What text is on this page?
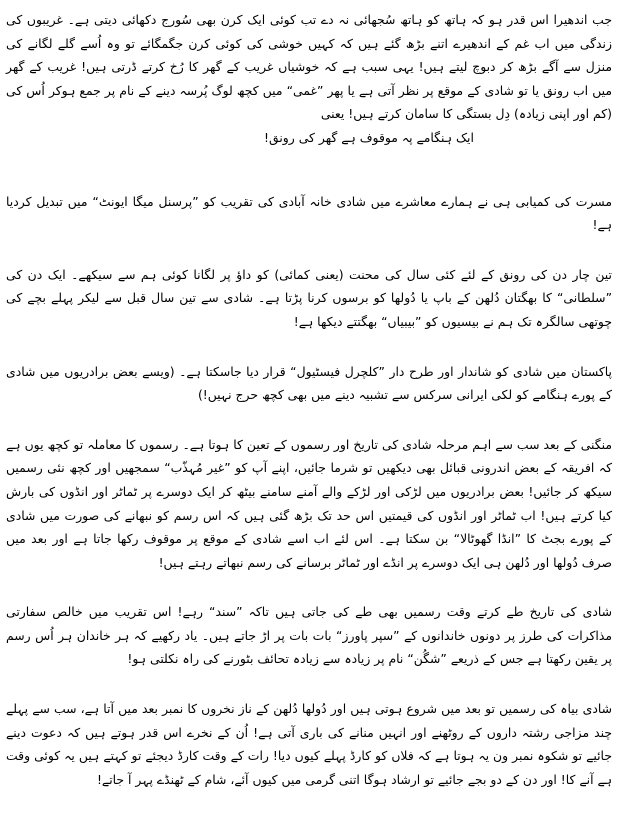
جب اندھیرا اس قدر ہو کہ ہاتھ کو ہاتھ سُجھائی نہ دے تب کوئی ایک کرن بھی سُورج دکھائی دیتی ہے۔ غریبوں کی زندگی میں اب غم کے اندھیرے اتنے بڑھ گئے ہیں کہ کہیں خوشی کی کوئی کرن جگمگائے تو وہ اُسے گلے لگانے کی منزل سے آگے بڑھ کر دبوچ لیتے ہیں! یہی سبب ہے کہ خوشیاں غریب کے گھر کا رُخ کرتے ڈرتی ہیں! غریب کے گھر میں اب رونق یا تو شادی کے موقع پر نظر آتی ہے یا پھر ”غمی“ میں کچھ لوگ پُرسہ دینے کے نام پر جمع ہوکر اُس کی (کم اور اپنی زیادہ) دِل بستگی کا سامان کرتے ہیں! یعنی

ایک ہنگامے پہ موقوف ہے گھر کی رونق!

مسرت کی کمیابی ہی نے ہمارے معاشرے میں شادی خانہ آبادی کی تقریب کو ”پرسنل میگا ایونٹ“ میں تبدیل کردیا ہے!

تین چار دن کی رونق کے لئے کئی سال کی محنت (یعنی کمائی) کو داؤ پر لگانا کوئی ہم سے سیکھے۔ ایک دن کی ”سلطانی“ کا بھگتان دُلھن کے باپ یا دُولھا کو برسوں کرنا پڑتا ہے۔ شادی سے تین سال قبل سے لیکر پہلے بچے کی چوتھی سالگرہ تک ہم نے بیسیوں کو ”بیبیاں“ بھگتتے دیکھا ہے!

پاکستان میں شادی کو شاندار اور طرح دار ”کلچرل فیسٹیول“ قرار دیا جاسکتا ہے۔ (ویسے بعض برادریوں میں شادی کے پورے ہنگامے کو لکی ایرانی سرکس سے تشبیہ دینے میں بھی کچھ حرج نہیں!)

منگنی کے بعد سب سے اہم مرحلہ شادی کی تاریخ اور رسموں کے تعین کا ہوتا ہے۔ رسموں کا معاملہ تو کچھ یوں ہے کہ افریقہ کے بعض اندرونی قبائل بھی دیکھیں تو شرما جائیں، اپنے آپ کو ”غیر مُہذّب“ سمجھیں اور کچھ نئی رسمیں سیکھ کر جائیں! بعض برادریوں میں لڑکی اور لڑکے والے آمنے سامنے بیٹھ کر ایک دوسرے پر ٹماٹر اور انڈوں کی بارش کیا کرتے ہیں! اب ٹماٹر اور انڈوں کی قیمتیں اس حد تک بڑھ گئی ہیں کہ اس رسم کو نبھانے کی صورت میں شادی کے پورے بجٹ کا ”انڈا گھوٹالا“ بن سکتا ہے۔ اس لئے اب اسے شادی کے موقع پر موقوف رکھا جاتا ہے اور بعد میں صرف دُولھا اور دُلھن ہی ایک دوسرے پر انڈے اور ٹماٹر برسانے کی رسم نبھاتے رہتے ہیں!

شادی کی تاریخ طے کرتے وقت رسمیں بھی طے کی جاتی ہیں تاکہ ”سند“ رہے! اس تقریب میں خالص سفارتی مذاکرات کی طرز پر دونوں خاندانوں کے ”سپر پاورز“ بات بات پر اڑ جاتے ہیں۔ یاد رکھیے کہ ہر خاندان ہر اُس رسم پر یقین رکھتا ہے جس کے ذریعے ”شگُن“ نام پر زیادہ سے زیادہ تحائف بٹورنے کی راہ نکلتی ہو!

شادی بیاہ کی رسمیں تو بعد میں شروع ہوتی ہیں اور دُولھا دُلھن کے ناز نخروں کا نمبر بعد میں آتا ہے، سب سے پہلے چند مزاجی رشتہ داروں کے روٹھنے اور انہیں منانے کی باری آتی ہے! اُن کے نخرے اس قدر ہوتے ہیں کہ دعوت دینے جائیے تو شکوہ نمبر ون یہ ہوتا ہے کہ فلاں کو کارڈ پہلے کیوں دیا! رات کے وقت کارڈ دیجئے تو کہتے ہیں یہ کوئی وقت ہے آنے کا! اور دن کے دو بجے جائیے تو ارشاد ہوگا اتنی گرمی میں کیوں آئے، شام کے ٹھنڈے پہر آ جاتے!
